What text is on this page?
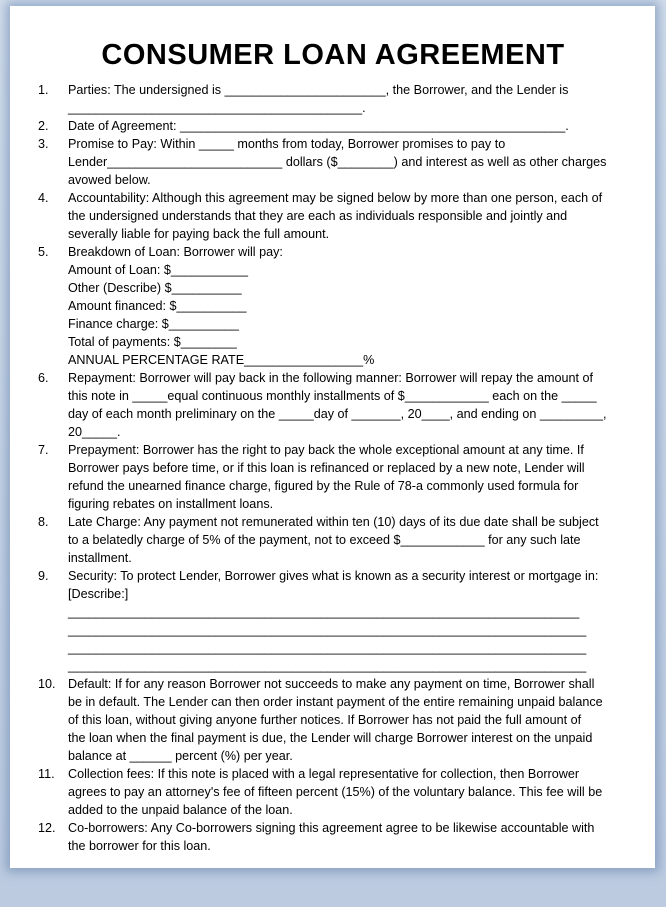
CONSUMER LOAN AGREEMENT
1.	Parties: The undersigned is _______________________, the Borrower, and the Lender is
__________________________________________.
2.	Date of Agreement: _______________________________________________________.
3.	Promise to Pay: Within _____ months from today, Borrower promises to pay to
Lender_________________________ dollars ($________) and interest as well as other charges
avowed below.
4.	Accountability: Although this agreement may be signed below by more than one person, each of
the undersigned understands that they are each as individuals responsible and jointly and
severally liable for paying back the full amount.
5.	Breakdown of Loan: Borrower will pay:
Amount of Loan: $___________
Other (Describe) $__________
Amount financed: $__________
Finance charge: $__________
Total of payments: $________
ANNUAL PERCENTAGE RATE_________________%
6.	Repayment: Borrower will pay back in the following manner: Borrower will repay the amount of
this note in _____equal continuous monthly installments of $____________ each on the _____
day of each month preliminary on the _____day of _______, 20____, and ending on _________,
20_____.
7.	Prepayment: Borrower has the right to pay back the whole exceptional amount at any time. If
Borrower pays before time, or if this loan is refinanced or replaced by a new note, Lender will
refund the unearned finance charge, figured by the Rule of 78-a commonly used formula for
figuring rebates on installment loans.
8.	Late Charge: Any payment not remunerated within ten (10) days of its due date shall be subject
to a belatedly charge of 5% of the payment, not to exceed $____________ for any such late
installment.
9.	Security: To protect Lender, Borrower gives what is known as a security interest or mortgage in:
[Describe:]
_________________________________________________________________________
__________________________________________________________________________
__________________________________________________________________________
__________________________________________________________________________
10. Default: If for any reason Borrower not succeeds to make any payment on time, Borrower shall
be in default. The Lender can then order instant payment of the entire remaining unpaid balance
of this loan, without giving anyone further notices. If Borrower has not paid the full amount of
the loan when the final payment is due, the Lender will charge Borrower interest on the unpaid
balance at ______ percent (%) per year.
11.	Collection fees: If this note is placed with a legal representative for collection, then Borrower
agrees to pay an attorney's fee of fifteen percent (15%) of the voluntary balance. This fee will be
added to the unpaid balance of the loan.
12. Co-borrowers: Any Co-borrowers signing this agreement agree to be likewise accountable with
the borrower for this loan.
